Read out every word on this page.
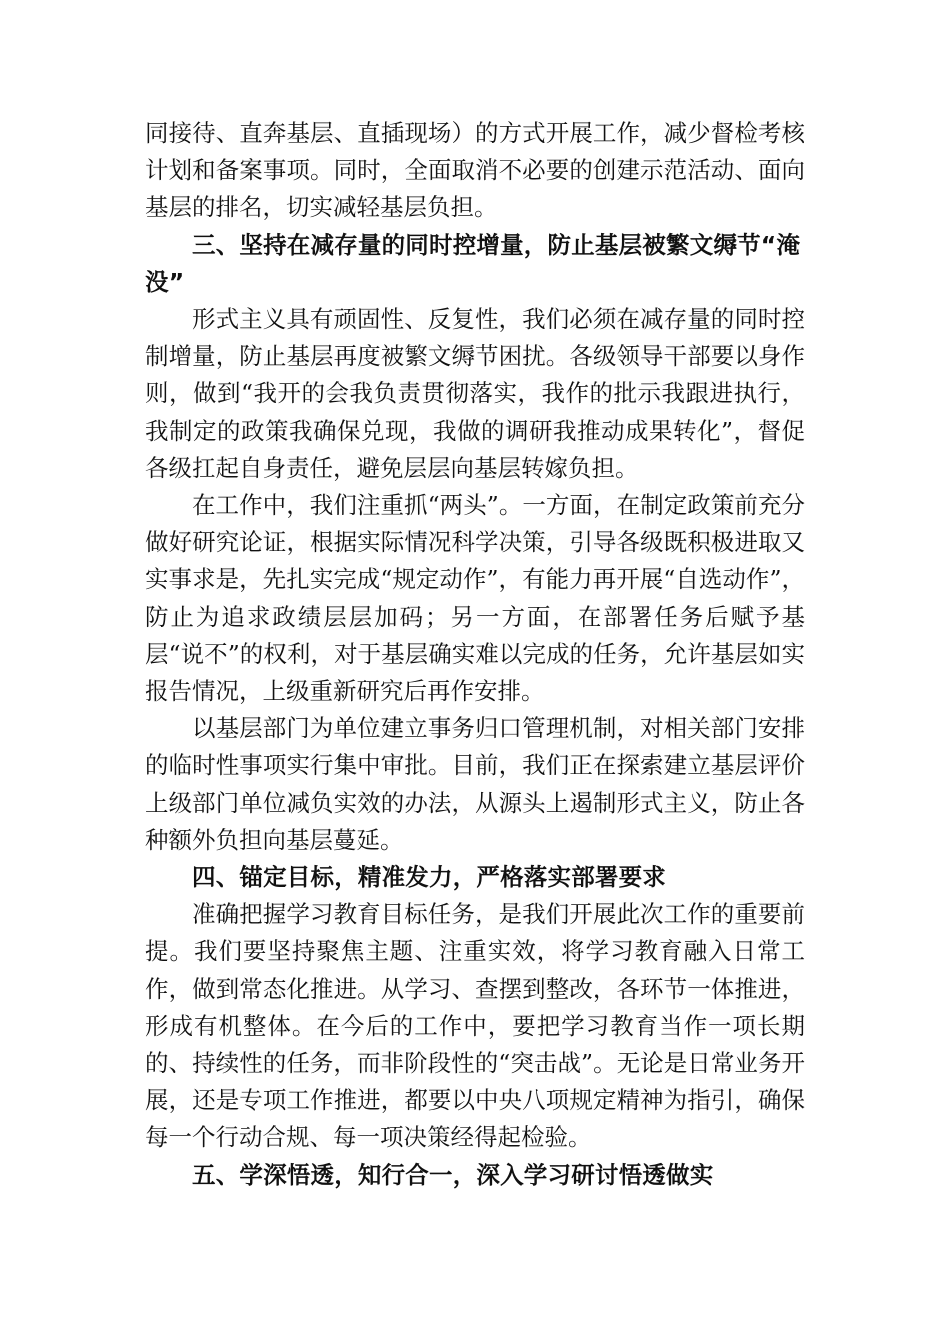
同接待、直奔基层、直插现场）的方式开展工作，减少督检考核计划和备案事项。同时，全面取消不必要的创建示范活动、面向基层的排名，切实减轻基层负担。

三、坚持在减存量的同时控增量，防止基层被繁文缛节“淹没”

形式主义具有顽固性、反复性，我们必须在减存量的同时控制增量，防止基层再度被繁文缛节困扰。各级领导干部要以身作则，做到“我开的会我负责贯彻落实，我作的批示我跟进执行，我制定的政策我确保兑现，我做的调研我推动成果转化”，督促各级扛起自身责任，避免层层向基层转嫁负担。

在工作中，我们注重抓“两头”。一方面，在制定政策前充分做好研究论证，根据实际情况科学决策，引导各级既积极进取又实事求是，先扎实完成“规定动作”，有能力再开展“自选动作”，防止为追求政绩层层加码；另一方面，在部署任务后赋予基层“说不”的权利，对于基层确实难以完成的任务，允许基层如实报告情况，上级重新研究后再作安排。

以基层部门为单位建立事务归口管理机制，对相关部门安排的临时性事项实行集中审批。目前，我们正在探索建立基层评价上级部门单位减负实效的办法，从源头上遏制形式主义，防止各种额外负担向基层蔓延。

四、锚定目标，精准发力，严格落实部署要求

准确把握学习教育目标任务，是我们开展此次工作的重要前提。我们要坚持聚焦主题、注重实效，将学习教育融入日常工作，做到常态化推进。从学习、查摆到整改，各环节一体推进，形成有机整体。在今后的工作中，要把学习教育当作一项长期的、持续性的任务，而非阶段性的“突击战”。无论是日常业务开展，还是专项工作推进，都要以中央八项规定精神为指引，确保每一个行动合规、每一项决策经得起检验。

五、学深悟透，知行合一，深入学习研讨悟透做实
